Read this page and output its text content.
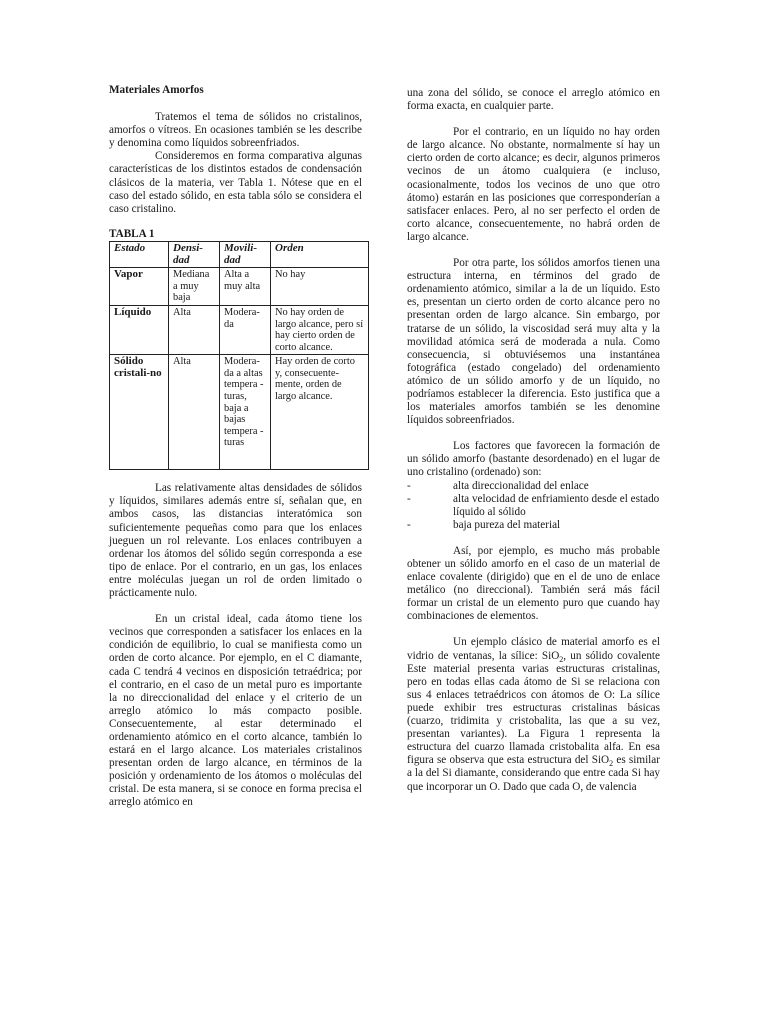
Materiales Amorfos

Tratemos el tema de sólidos no cristalinos, amorfos o vítreos. En ocasiones también se les describe y denomina como líquidos sobreenfriados.

Consideremos en forma comparativa algunas características de los distintos estados de condensación clásicos de la materia, ver Tabla 1. Nótese que en el caso del estado sólido, en esta tabla sólo se considera el caso cristalino.

TABLA 1

Estado	Densi-dad	Movili-dad	Orden
Vapor	Mediana a muy baja	Alta a muy alta	No hay
Líquido	Alta	Modera-da	No hay orden de largo alcance, pero sí hay cierto orden de corto alcance.
Sólido cristali-no	Alta	Modera-da a altas tempera - turas, baja a bajas tempera -turas	Hay orden de corto y, consecuente-mente, orden de largo alcance.

Las relativamente altas densidades de sólidos y líquidos, similares además entre sí, señalan que, en ambos casos, las distancias interatómica son suficientemente pequeñas como para que los enlaces jueguen un rol relevante. Los enlaces contribuyen a ordenar los átomos del sólido según corresponda a ese tipo de enlace. Por el contrario, en un gas, los enlaces entre moléculas juegan un rol de orden limitado o prácticamente nulo.

En un cristal ideal, cada átomo tiene los vecinos que corresponden a satisfacer los enlaces en la condición de equilibrio, lo cual se manifiesta como un orden de corto alcance. Por ejemplo, en el C diamante, cada C tendrá 4 vecinos en disposición tetraédrica; por el contrario, en el caso de un metal puro es importante la no direccionalidad del enlace y el criterio de un arreglo atómico lo más compacto posible. Consecuentemente, al estar determinado el ordenamiento atómico en el corto alcance, también lo estará en el largo alcance. Los materiales cristalinos presentan orden de largo alcance, en términos de la posición y ordenamiento de los átomos o moléculas del cristal. De esta manera, si se conoce en forma precisa el arreglo atómico en

una zona del sólido, se conoce el arreglo atómico en forma exacta, en cualquier parte.

Por el contrario, en un líquido no hay orden de largo alcance. No obstante, normalmente sí hay un cierto orden de corto alcance; es decir, algunos primeros vecinos de un átomo cualquiera (e incluso, ocasionalmente, todos los vecinos de uno que otro átomo) estarán en las posiciones que corresponderían a satisfacer enlaces. Pero, al no ser perfecto el orden de corto alcance, consecuentemente, no habrá orden de largo alcance.

Por otra parte, los sólidos amorfos tienen una estructura interna, en términos del grado de ordenamiento atómico, similar a la de un líquido. Esto es, presentan un cierto orden de corto alcance pero no presentan orden de largo alcance. Sin embargo, por tratarse de un sólido, la viscosidad será muy alta y la movilidad atómica será de moderada a nula. Como consecuencia, si obtuviésemos una instantánea fotográfica (estado congelado) del ordenamiento atómico de un sólido amorfo y de un líquido, no podríamos establecer la diferencia. Esto justifica que a los materiales amorfos también se les denomine líquidos sobreenfriados.

Los factores que favorecen la formación de un sólido amorfo (bastante desordenado) en el lugar de uno cristalino (ordenado) son:

-	alta direccionalidad del enlace
-	alta velocidad de enfriamiento desde el estado líquido al sólido
-	baja pureza del material

Así, por ejemplo, es mucho más probable obtener un sólido amorfo en el caso de un material de enlace covalente (dirigido) que en el de uno de enlace metálico (no direccional). También será más fácil formar un cristal de un elemento puro que cuando hay combinaciones de elementos.

Un ejemplo clásico de material amorfo es el vidrio de ventanas, la sílice: SiO$_2$, un sólido covalente Este material presenta varias estructuras cristalinas, pero en todas ellas cada átomo de Si se relaciona con sus 4 enlaces tetraédricos con átomos de O: La sílice puede exhibir tres estructuras cristalinas básicas (cuarzo, tridimita y cristobalita, las que a su vez, presentan variantes). La Figura 1 representa la estructura del cuarzo llamada cristobalita alfa. En esa figura se observa que esta estructura del SiO$_2$ es similar a la del Si diamante, considerando que entre cada Si hay que incorporar un O. Dado que cada O, de valencia
